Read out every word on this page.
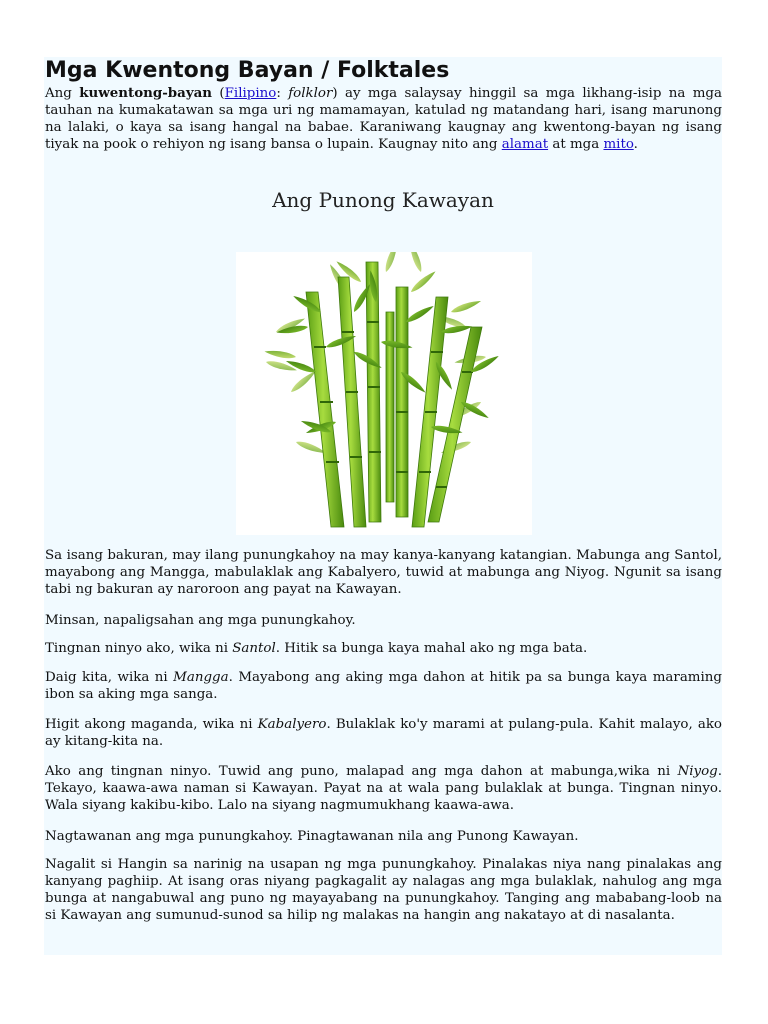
Mga Kwentong Bayan / Folktales

Ang kuwentong-bayan (Filipino: folklor) ay mga salaysay hinggil sa mga likhang-isip na mga tauhan na kumakatawan sa mga uri ng mamamayan, katulad ng matandang hari, isang marunong na lalaki, o kaya sa isang hangal na babae. Karaniwang kaugnay ang kwentong-bayan ng isang tiyak na pook o rehiyon ng isang bansa o lupain. Kaugnay nito ang alamat at mga mito.

Ang Punong Kawayan

Sa isang bakuran, may ilang punungkahoy na may kanya-kanyang katangian. Mabunga ang Santol, mayabong ang Mangga, mabulaklak ang Kabalyero, tuwid at mabunga ang Niyog. Ngunit sa isang tabi ng bakuran ay naroroon ang payat na Kawayan.

Minsan, napaligsahan ang mga punungkahoy.

Tingnan ninyo ako, wika ni Santol. Hitik sa bunga kaya mahal ako ng mga bata.

Daig kita, wika ni Mangga. Mayabong ang aking mga dahon at hitik pa sa bunga kaya maraming ibon sa aking mga sanga.

Higit akong maganda, wika ni Kabalyero. Bulaklak ko'y marami at pulang-pula. Kahit malayo, ako ay kitang-kita na.

Ako ang tingnan ninyo. Tuwid ang puno, malapad ang mga dahon at mabunga,wika ni Niyog. Tekayo, kaawa-awa naman si Kawayan. Payat na at wala pang bulaklak at bunga. Tingnan ninyo. Wala siyang kakibu-kibo. Lalo na siyang nagmumukhang kaawa-awa.

Nagtawanan ang mga punungkahoy. Pinagtawanan nila ang Punong Kawayan.

Nagalit si Hangin sa narinig na usapan ng mga punungkahoy. Pinalakas niya nang pinalakas ang kanyang paghiip. At isang oras niyang pagkagalit ay nalagas ang mga bulaklak, nahulog ang mga bunga at nangabuwal ang puno ng mayayabang na punungkahoy. Tanging ang mababang-loob na si Kawayan ang sumunud-sunod sa hilip ng malakas na hangin ang nakatayo at di nasalanta.
